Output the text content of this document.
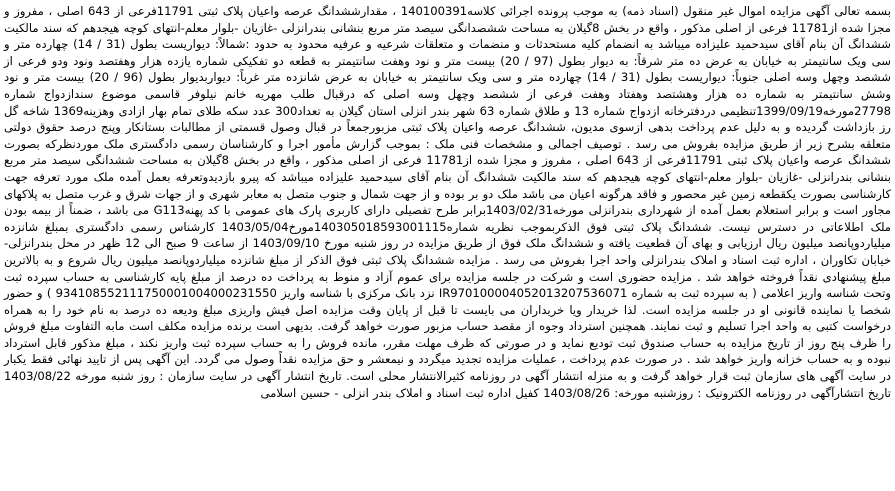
بسمه تعالی آگهی مزایده اموال غیر منقول (اسناد ذمه) به موجب پرونده اجرائی کلاسه140100391 ، مقدارششدانگ عرصه واعیان پلاک ثبتی 11791فرعی از 643 اصلی ، مفروز و مجزا شده از11781 فرعی از اصلی مذکور ، واقع در بخش 8گیلان به مساحت ششصدانگی سیصد متر مربع بنشانی بندرانزلی -غازیان -بلوار معلم-انتهای کوچه هیجدهم که سند مالکیت ششدانگ آن بنام آقای سیدحمید علیزاده میباشد به انضمام کلیه مستحدثات و منضمات و متعلقات شرعیه و عرفیه محدود به حدود :شمالاً: دیواریست بطول (31 / 14) چهارده متر و سی ویک سانتیمتر به خیابان به عرض ده متر شرقاً: به دیوار بطول (97 / 20) بیست متر و نود وهفت سانتیمتر به قطعه دو تفکیکی شماره یازده هزار وهفتصد ونود ودو فرعی از ششصد وچهل وسه اصلی جنوباً: دیواریست بطول (31 / 14) چهارده متر و سی ویک سانتیمتر به خیابان به عرض شانزده متر غرباً: دیواربدیوار بطول (96 / 20) بیست متر و نود وشش سانتیمتر به شماره ده هزار وهشتصد وهفتاد وهفت فرعی از ششصد وچهل وسه اصلی که درقبال طلب مهریه خانم نیلوفر قاسمی موضوع سندازدواج شماره 27798مورخه1399/09/19تنظیمی دردفترخانه ازدواج شماره 13 و طلاق شماره 63 شهر بندر انزلی استان گیلان به تعداد300 عدد سکه طلای تمام بهار ازادی وهزینه1369 شاخه گل رز بازداشت گردیده و به دلیل عدم پرداخت بدهی ازسوی مدیون، ششدانگ عرصه واعیان پلاک ثبتی مزبورجمعاً در قبال وصول قسمتی از مطالبات بستانکار وپنج درصد حقوق دولتی متعلقه بشرح زیر از طریق مزایده بفروش می رسد . توصیف اجمالی و مشخصات فنی ملک : بموجب گزارش مأمور اجرا و کارشناسان رسمی دادگستری ملک موردنظرکه بصورت ششدانگ عرصه واعیان پلاک ثبتی 11791فرعی از 643 اصلی ، مفروز و مجزا شده از11781 فرعی از اصلی مذکور ، واقع در بخش 8گیلان به مساحت ششدانگی سیصد متر مربع بنشانی بندرانزلی -غازیان -بلوار معلم-انتهای کوچه هیجدهم که سند مالکیت ششدانگ آن بنام آقای سیدحمید علیزاده میباشد که پیرو بازدیدوتعرفه بعمل آمده ملک مورد تعرفه جهت کارشناسی بصورت یکقطعه زمین غیر محصور و فاقد هرگونه اعیان می باشد ملک دو بر بوده و از جهت شمال و جنوب متصل به معابر شهری و از جهات شرق و غرب متصل به پلاکهای مجاور است و برابر استعلام بعمل آمده از شهرداری بندرانزلی مورخه1403/02/31برابر طرح تفصیلی دارای کاربری پارک های عمومی با کد پهنهG113 می باشد ، ضمناً از بیمه بودن ملک اطلاعاتی در دسترس نیست. ششدانگ پلاک ثبتی فوق الذکربموجب نظریه شماره140305018593001115مورخ1403/05/04 کارشناس رسمی دادگستری بمبلغ شانزده میلیاردوپانصد میلیون ریال ارزیابی و بهای آن قطعیت یافته و ششدانگ ملک فوق از طریق مزایده در روز شنبه مورخ 1403/09/10 از ساعت 9 صبح الی 12 ظهر در محل بندرانزلی- خیابان تکاوران ، اداره ثبت اسناد و املاک بندرانزلی واحد اجرا بفروش می رسد . مزایده ششدانگ پلاک ثبتی فوق الذکر از مبلغ شانزده میلیاردوپانصد میلیون ریال شروع و به بالاترین مبلغ پیشنهادی نقداً فروخته خواهد شد . مزایده حضوری است و شرکت در جلسه مزایده برای عموم آزاد و منوط به پرداخت ده درصد از مبلغ پایه کارشناسی به حساب سپرده ثبت وتحت شناسه واریز اعلامی ( به سپرده ثبت به شماره IR970100004052013207536071 نزد بانک مرکزی با شناسه واریز 934108552111750001004000231550 ) و حضور شخصا یا نماینده قانونی او در جلسه مزایده است. لذا خریدار ویا خریداران می بایست تا قبل از پایان وقت مزایده اصل فیش واریزی مبلغ ودیعه ده درصد به نام خود را به همراه درخواست کتبی به واحد اجرا تسلیم و ثبت نمایند. همچنین استرداد وجوه از مقصد حساب مزبور صورت خواهد گرفت. بدیهی است برنده مزایده مکلف است مابه التفاوت مبلغ فروش را ظرف پنج روز از تاریخ مزایده به حساب صندوق ثبت تودیع نماید و در صورتی که ظرف مهلت مقرر، مانده فروش را به حساب سپرده ثبت واریز نکند ، مبلغ مذکور قابل استرداد نبوده و به حساب خزانه واریز خواهد شد . در صورت عدم پرداخت ، عملیات مزایده تجدید میگردد و نیمعشر و حق مزایده نقداً وصول می گردد. این آگهی پس از تایید نهائی فقط یکبار در سایت آگهی های سازمان ثبت قرار خواهد گرفت و به منزله انتشار آگهی در روزنامه کثیرالانتشار محلی است. تاریخ انتشار آگهی در سایت سازمان : روز شنبه مورخه 1403/08/22 تاریخ انتشارآگهی در روزنامه الکترونیک : روزشنبه مورخه: 1403/08/26 کفیل اداره ثبت اسناد و املاک بندر انزلی - حسین اسلامی
